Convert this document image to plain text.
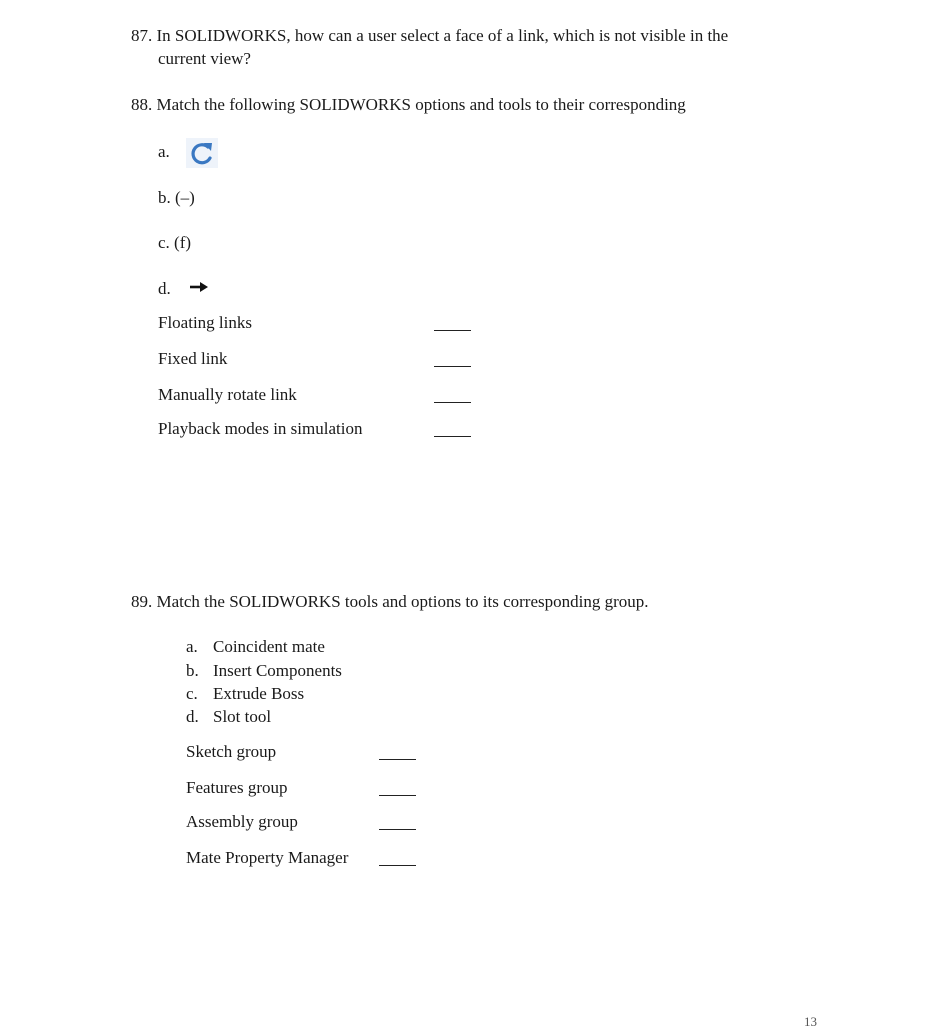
87. In SOLIDWORKS, how can a user select a face of a link, which is not visible in the
current view?
88. Match the following SOLIDWORKS options and tools to their corresponding
a.
b. (–)
c. (f)
d.
Floating links
Fixed link
Manually rotate link
Playback modes in simulation
89. Match the SOLIDWORKS tools and options to its corresponding group.
a. Coincident mate
b. Insert Components
c. Extrude Boss
d. Slot tool
Sketch group
Features group
Assembly group
Mate Property Manager
13
